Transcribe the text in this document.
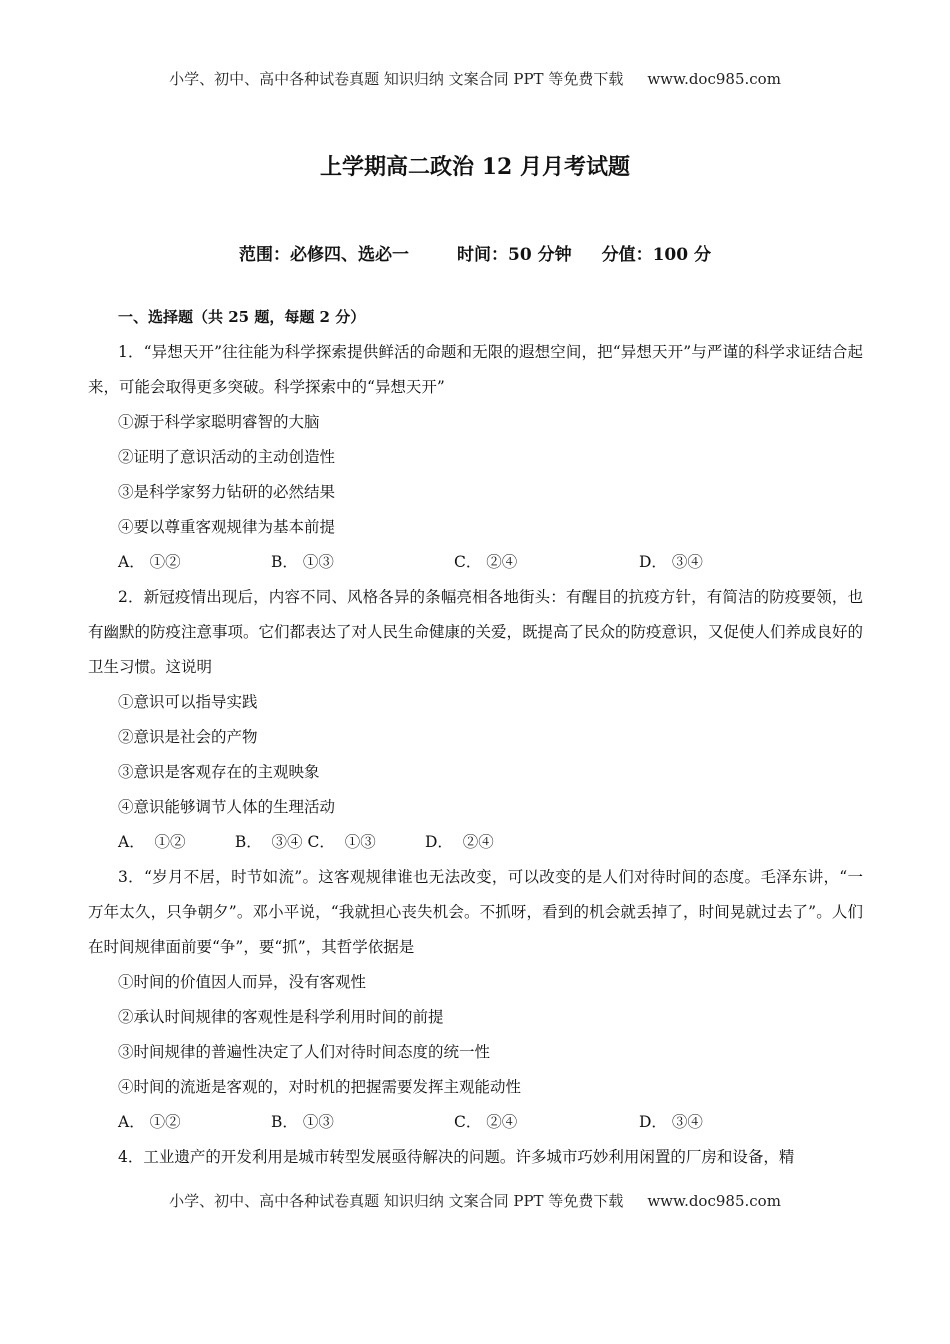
小学、初中、高中各种试卷真题 知识归纳 文案合同 PPT 等免费下载 www.doc985.com
上学期高二政治 12 月月考试题
范围：必修四、选必一	时间：50 分钟 分值：100 分
一、选择题（共 25 题，每题 2 分）
1．“异想天开”往往能为科学探索提供鲜活的命题和无限的遐想空间，把“异想天开”与严谨的科学求证结合起来，可能会取得更多突破。科学探索中的“异想天开”
①源于科学家聪明睿智的大脑
②证明了意识活动的主动创造性
③是科学家努力钻研的必然结果
④要以尊重客观规律为基本前提
A． ①②	B． ①③	C． ②④	D． ③④
2．新冠疫情出现后，内容不同、风格各异的条幅亮相各地街头：有醒目的抗疫方针，有简洁的防疫要领，也有幽默的防疫注意事项。它们都表达了对人民生命健康的关爱，既提高了民众的防疫意识，又促使人们养成良好的卫生习惯。这说明
①意识可以指导实践
②意识是社会的产物
③意识是客观存在的主观映象
④意识能够调节人体的生理活动
A．  ①②          B．  ③④ C．  ①③          D．  ②④
3．“岁月不居，时节如流”。这客观规律谁也无法改变，可以改变的是人们对待时间的态度。毛泽东讲，“一万年太久，只争朝夕”。邓小平说，“我就担心丧失机会。不抓呀，看到的机会就丢掉了，时间晃就过去了”。人们在时间规律面前要“争”，要“抓”，其哲学依据是
①时间的价值因人而异，没有客观性
②承认时间规律的客观性是科学利用时间的前提
③时间规律的普遍性决定了人们对待时间态度的统一性
④时间的流逝是客观的，对时机的把握需要发挥主观能动性
A． ①②	B． ①③	C． ②④	D． ③④
4．工业遗产的开发利用是城市转型发展亟待解决的问题。许多城市巧妙利用闲置的厂房和设备，精
小学、初中、高中各种试卷真题 知识归纳 文案合同 PPT 等免费下载 www.doc985.com
